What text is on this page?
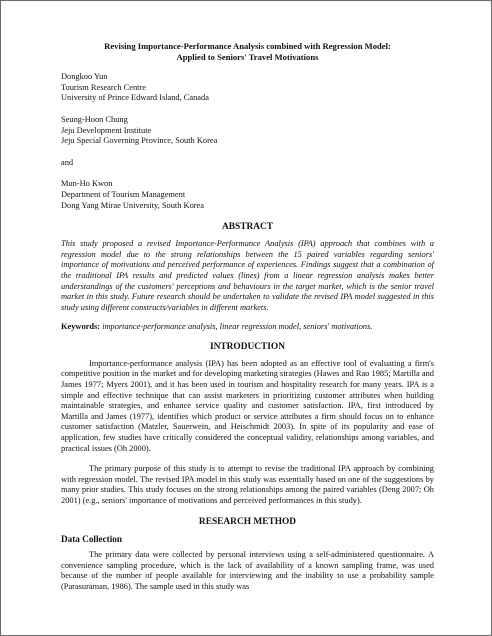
Revising Importance-Performance Analysis combined with Regression Model:
Applied to Seniors' Travel Motivations
Dongkoo Yun
Tourism Research Centre
University of Prince Edward Island, Canada
Seung-Hoon Chung
Jeju Development Institute
Jeju Special Governing Province, South Korea
and
Mun-Ho Kwon
Department of Tourism Management
Dong Yang Mirae University, South Korea
ABSTRACT
This study proposed a revised Importance-Performance Analysis (IPA) approach that combines with a regression model due to the strong relationships between the 15 paired variables regarding seniors' importance of motivations and perceived performance of experiences. Findings suggest that a combination of the traditional IPA results and predicted values (lines) from a linear regression analysis makes better understandings of the customers' perceptions and behaviours in the target market, which is the senior travel market in this study. Future research should be undertaken to validate the revised IPA model suggested in this study using different constructs/variables in different markets.
Keywords: importance-performance analysis, linear regression model, seniors' motivations.
INTRODUCTION
Importance-performance analysis (IPA) has been adopted as an effective tool of evaluating a firm's competitive position in the market and for developing marketing strategies (Hawes and Rao 1985; Martilla and James 1977; Myers 2001), and it has been used in tourism and hospitality research for many years. IPA is a simple and effective technique that can assist marketers in prioritizing customer attributes when building maintainable strategies, and enhance service quality and customer satisfaction. IPA, first introduced by Martilla and James (1977), identifies which product or service attributes a firm should focus on to enhance customer satisfaction (Matzler, Sauerwein, and Heischmidt 2003). In spite of its popularity and ease of application, few studies have critically considered the conceptual validity, relationships among variables, and practical issues (Oh 2000).
The primary purpose of this study is to attempt to revise the traditional IPA approach by combining with regression model. The revised IPA model in this study was essentially based on one of the suggestions by many prior studies. This study focuses on the strong relationships among the paired variables (Deng 2007; Oh 2001) (e.g., seniors' importance of motivations and perceived performances in this study).
RESEARCH METHOD
Data Collection
The primary data were collected by personal interviews using a self-administered questionnaire. A convenience sampling procedure, which is the lack of availability of a known sampling frame, was used because of the number of people available for interviewing and the inability to use a probability sample (Parasuraman, 1986). The sample used in this study was
